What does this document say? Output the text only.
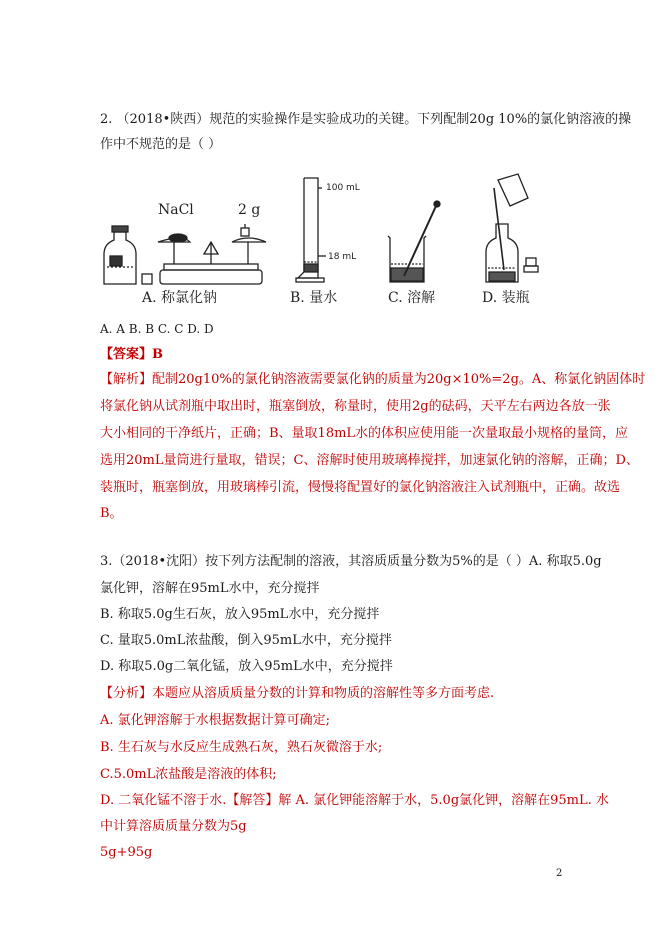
2. （2018•陕西）规范的实验操作是实验成功的关键。下列配制20g 10%的氯化钠溶液的操
作中不规范的是（ ）
NaCl	2 g
A. 称氯化钠
100 mL
18 mL
B. 量水	C. 溶解	D. 装瓶
A. A B. B C. C D. D
【答案】B
【解析】配制20g10%的氯化钠溶液需要氯化钠的质量为20g×10%=2g。A、称氯化钠固体时
将氯化钠从试剂瓶中取出时，瓶塞倒放，称量时，使用2g的砝码，天平左右两边各放一张
大小相同的干净纸片，正确；B、量取18mL水的体积应使用能一次量取最小规格的量筒，应
选用20mL量筒进行量取，错误；C、溶解时使用玻璃棒搅拌，加速氯化钠的溶解，正确；D、
装瓶时，瓶塞倒放，用玻璃棒引流，慢慢将配置好的氯化钠溶液注入试剂瓶中，正确。故选
B。
3.（2018•沈阳）按下列方法配制的溶液，其溶质质量分数为5%的是（ ）A. 称取5.0g
氯化钾，溶解在95mL水中，充分搅拌
B. 称取5.0g生石灰，放入95mL水中，充分搅拌
C. 量取5.0mL浓盐酸，倒入95mL水中，充分搅拌
D. 称取5.0g二氧化锰，放入95mL水中，充分搅拌
【分析】本题应从溶质质量分数的计算和物质的溶解性等多方面考虑.
A. 氯化钾溶解于水根据数据计算可确定;
B. 生石灰与水反应生成熟石灰，熟石灰微溶于水;
C.5.0mL浓盐酸是溶液的体积;
D. 二氧化锰不溶于水.【解答】解 A. 氯化钾能溶解于水，5.0g氯化钾，溶解在95mL. 水
中计算溶质质量分数为5g
5g+95g
2
